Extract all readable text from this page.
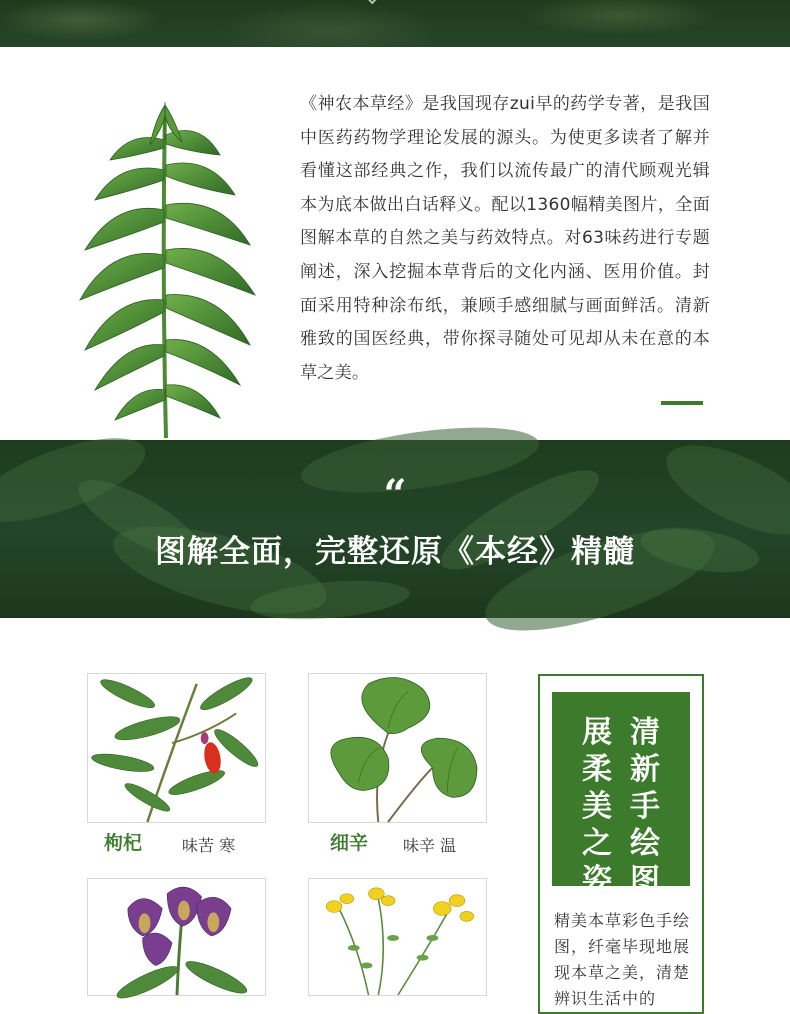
《神农本草经》是我国现存zui早的药学专著，是我国中医药药物学理论发展的源头。为使更多读者了解并看懂这部经典之作，我们以流传最广的清代顾观光辑本为底本做出白话释义。配以1360幅精美图片，全面图解本草的自然之美与药效特点。对63味药进行专题阐述，深入挖掘本草背后的文化内涵、医用价值。封面采用特种涂布纸，兼顾手感细腻与画面鲜活。清新雅致的国医经典，带你探寻随处可见却从未在意的本草之美。
“
图解全面，完整还原《本经》精髓
枸杞 味苦 寒	细辛 味辛 温
清新手绘图
展柔美之姿
精美本草彩色手绘图，纤毫毕现地展现本草之美，清楚辨识生活中的
